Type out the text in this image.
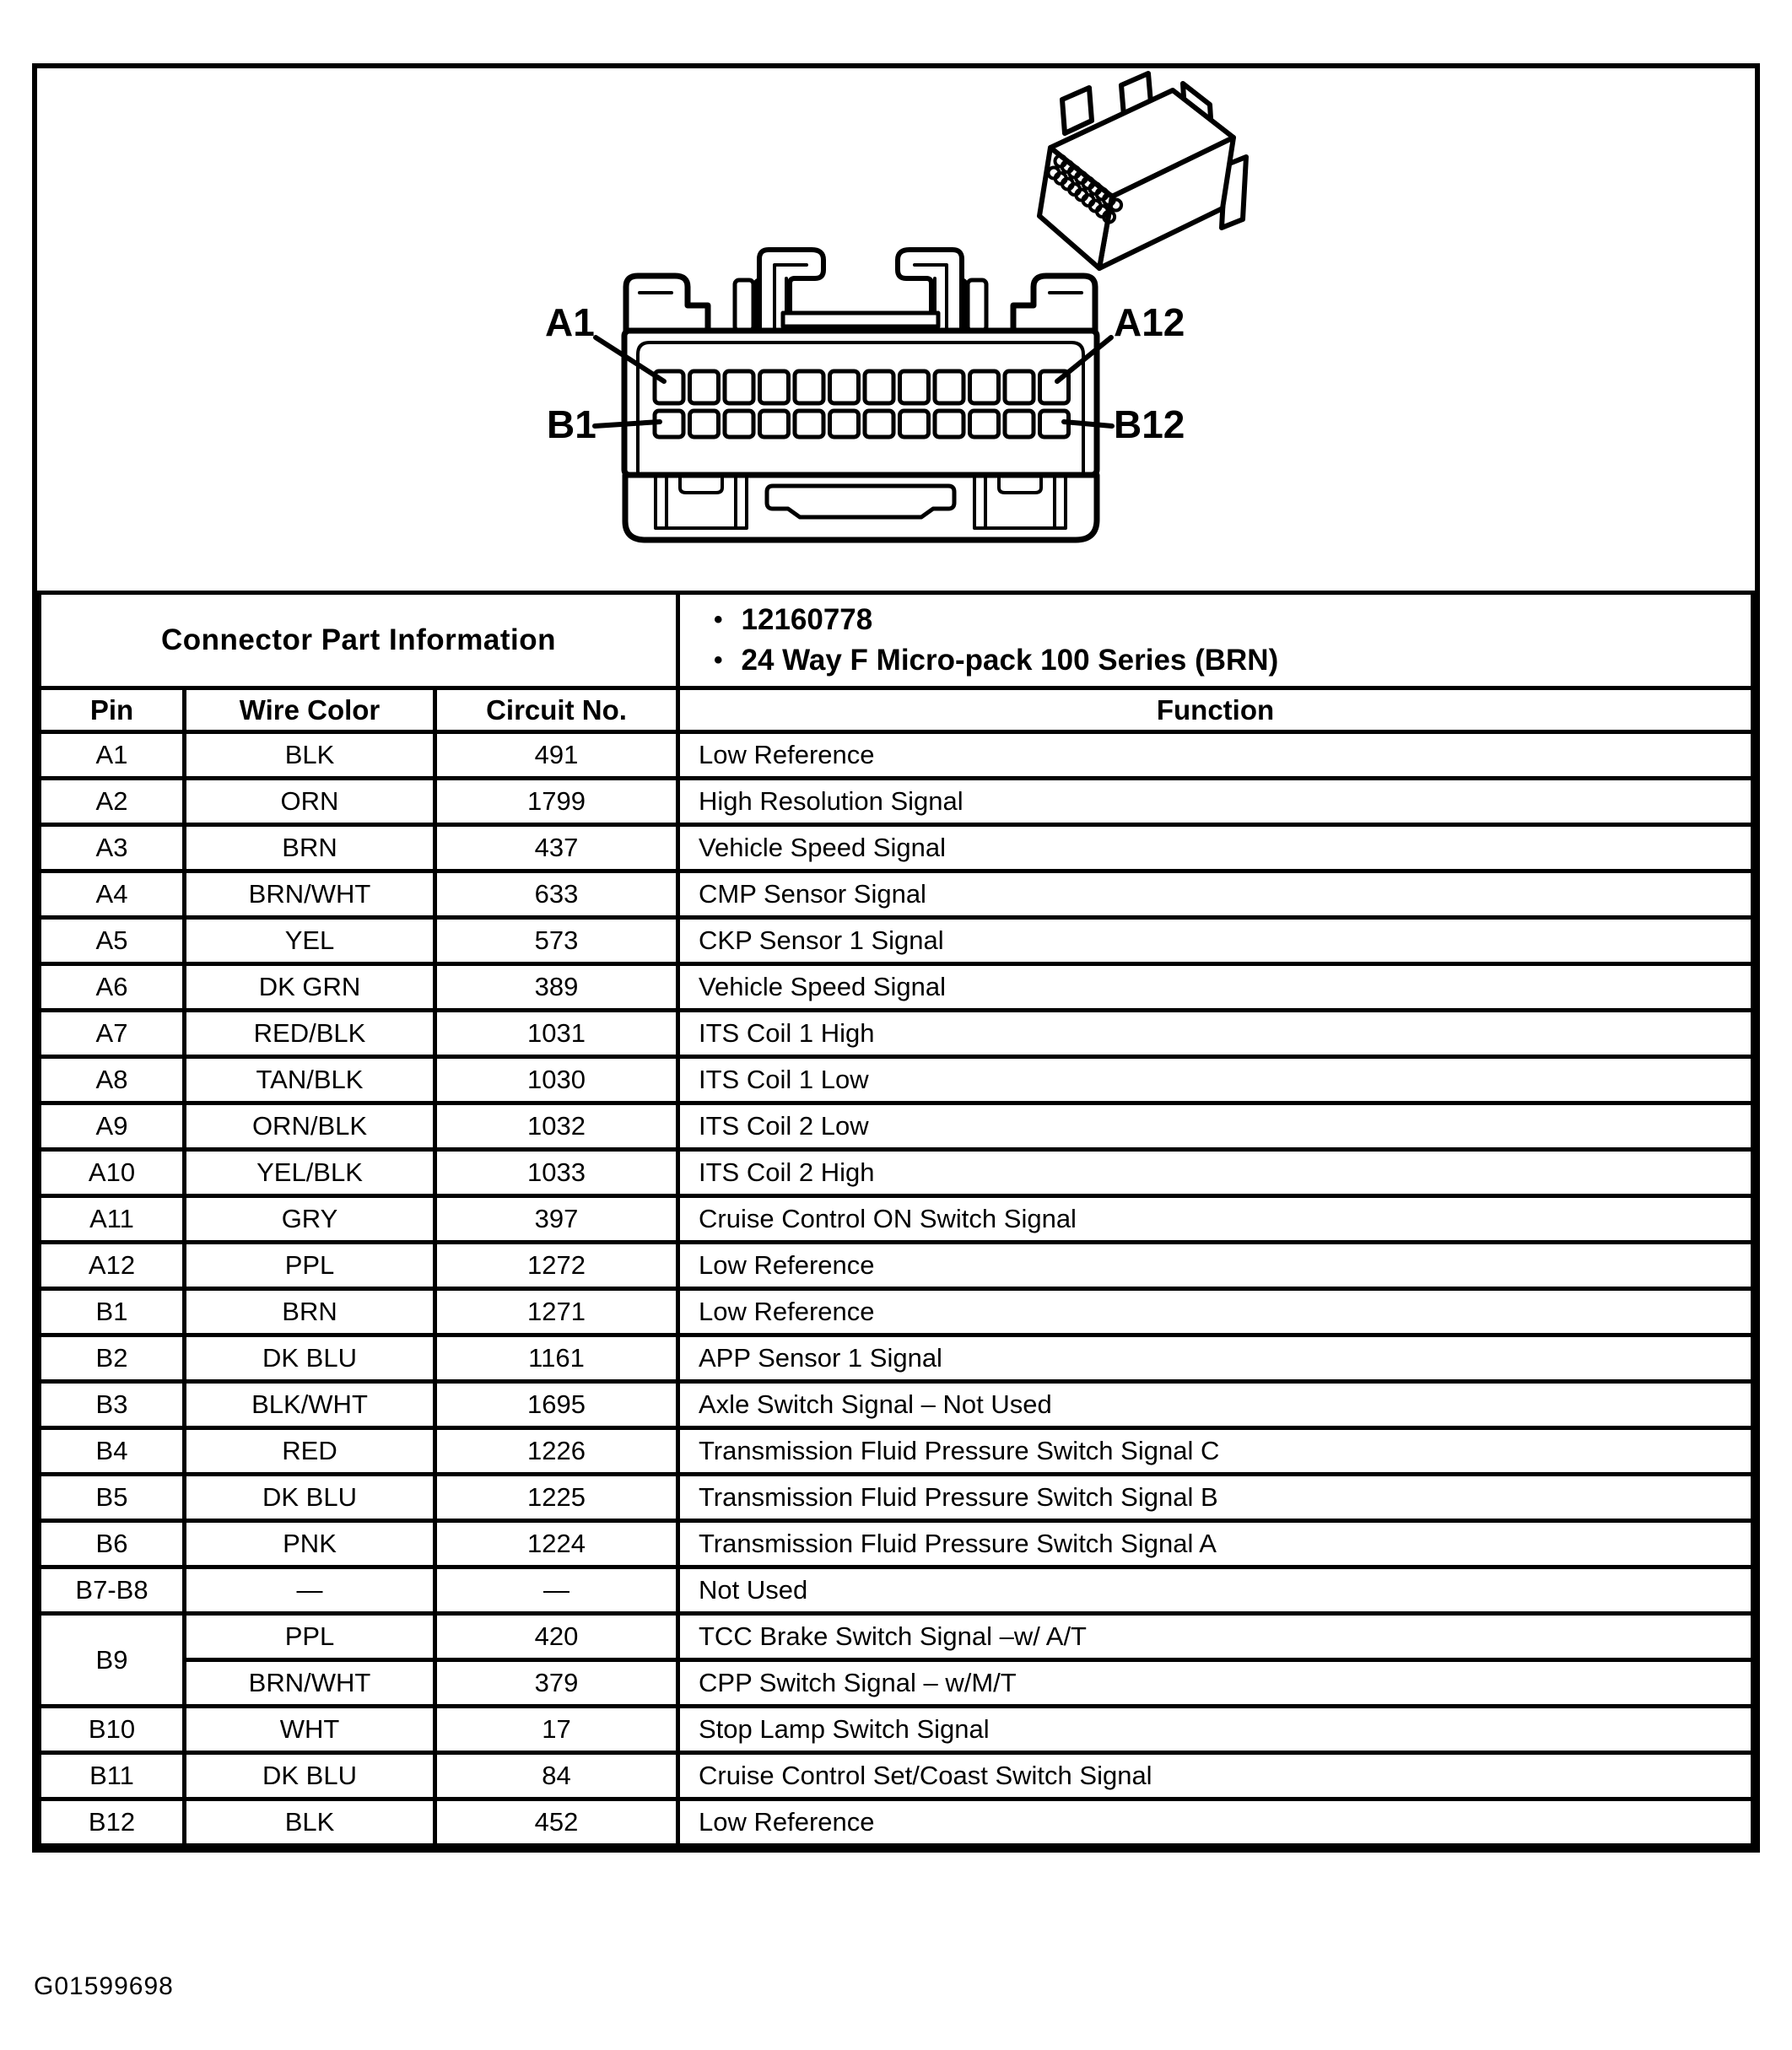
A1	A12
B1	B12
Connector Part Information			• 12160778
• 24 Way F Micro-pack 100 Series (BRN)

Pin	Wire Color	Circuit No.	Function
A1	BLK	491	Low Reference
A2	ORN	1799	High Resolution Signal
A3	BRN	437	Vehicle Speed Signal
A4	BRN/WHT	633	CMP Sensor Signal
A5	YEL	573	CKP Sensor 1 Signal
A6	DK GRN	389	Vehicle Speed Signal
A7	RED/BLK	1031	ITS Coil 1 High
A8	TAN/BLK	1030	ITS Coil 1 Low
A9	ORN/BLK	1032	ITS Coil 2 Low
A10	YEL/BLK	1033	ITS Coil 2 High
A11	GRY	397	Cruise Control ON Switch Signal
A12	PPL	1272	Low Reference
B1	BRN	1271	Low Reference
B2	DK BLU	1161	APP Sensor 1 Signal
B3	BLK/WHT	1695	Axle Switch Signal – Not Used
B4	RED	1226	Transmission Fluid Pressure Switch Signal C
B5	DK BLU	1225	Transmission Fluid Pressure Switch Signal B
B6	PNK	1224	Transmission Fluid Pressure Switch Signal A
B7-B8	—	—	Not Used
B9	PPL	420	TCC Brake Switch Signal –w/ A/T
	BRN/WHT	379	CPP Switch Signal – w/M/T
B10	WHT	17	Stop Lamp Switch Signal
B11	DK BLU	84	Cruise Control Set/Coast Switch Signal
B12	BLK	452	Low Reference
G01599698
